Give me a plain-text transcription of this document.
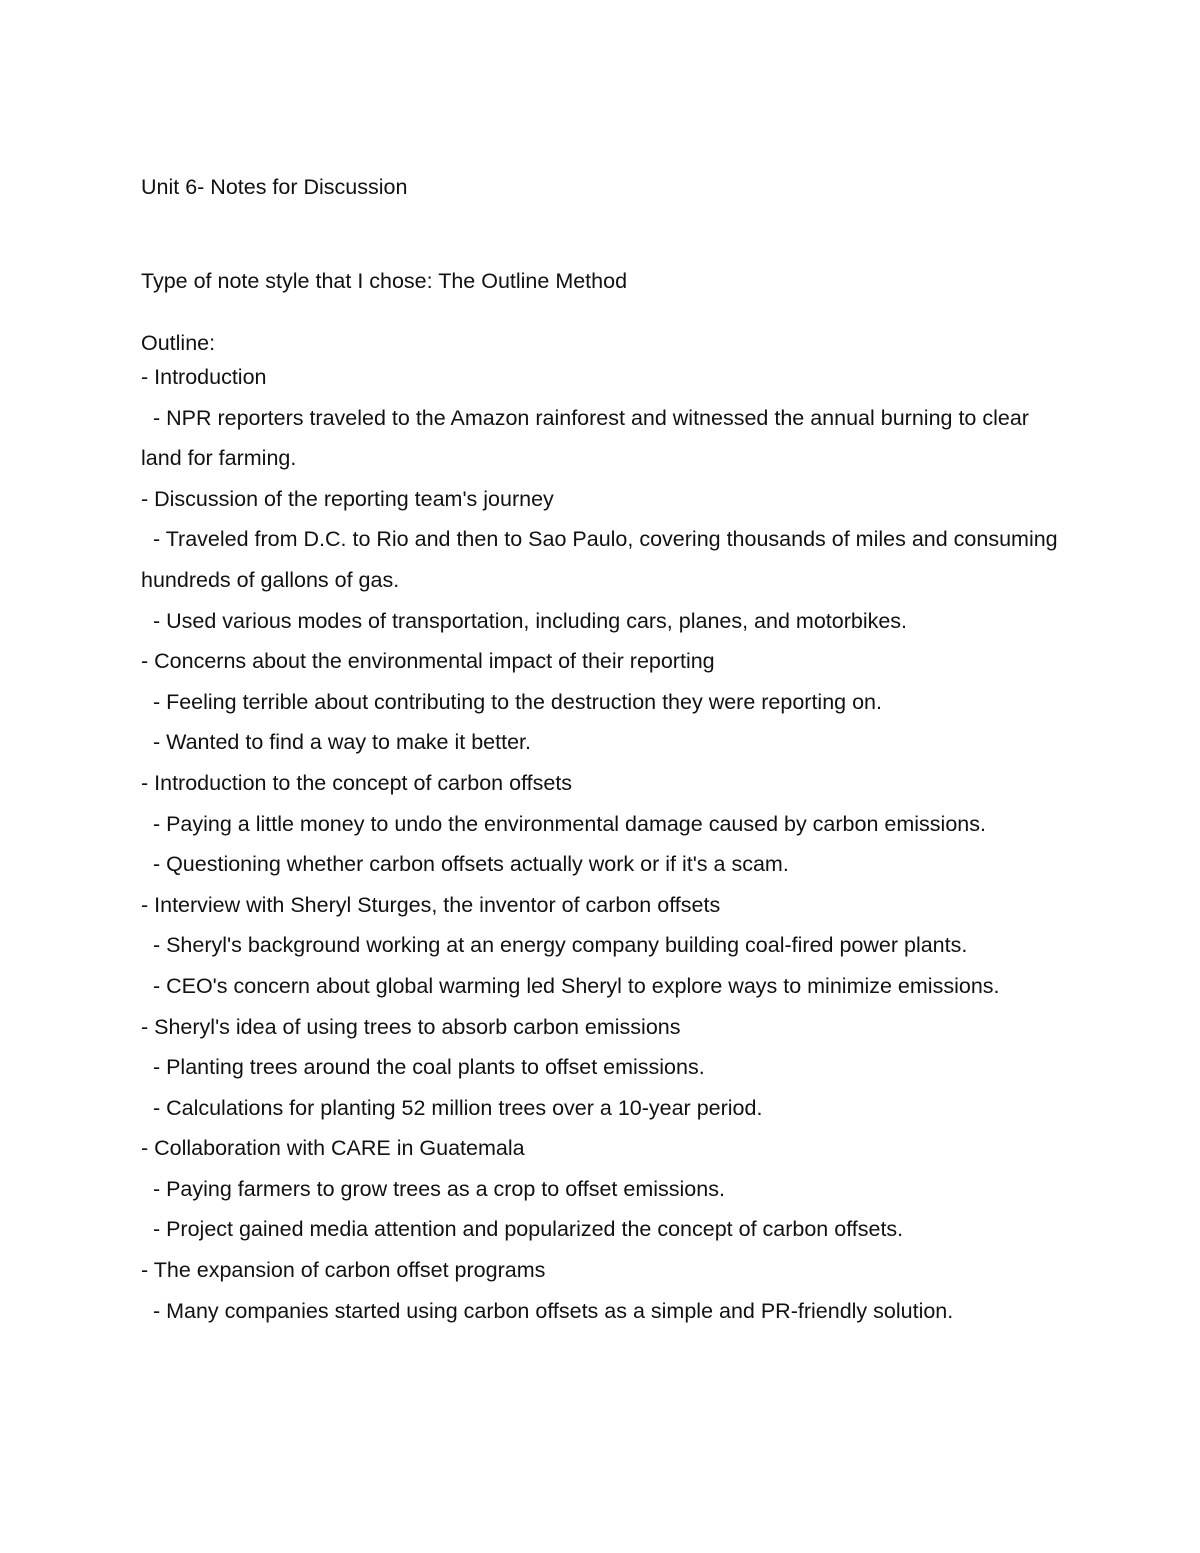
Unit 6- Notes for Discussion
Type of note style that I chose: The Outline Method
Outline:
- Introduction
- NPR reporters traveled to the Amazon rainforest and witnessed the annual burning to clear land for farming.
- Discussion of the reporting team's journey
- Traveled from D.C. to Rio and then to Sao Paulo, covering thousands of miles and consuming hundreds of gallons of gas.
- Used various modes of transportation, including cars, planes, and motorbikes.
- Concerns about the environmental impact of their reporting
- Feeling terrible about contributing to the destruction they were reporting on.
- Wanted to find a way to make it better.
- Introduction to the concept of carbon offsets
- Paying a little money to undo the environmental damage caused by carbon emissions.
- Questioning whether carbon offsets actually work or if it's a scam.
- Interview with Sheryl Sturges, the inventor of carbon offsets
- Sheryl's background working at an energy company building coal-fired power plants.
- CEO's concern about global warming led Sheryl to explore ways to minimize emissions.
- Sheryl's idea of using trees to absorb carbon emissions
- Planting trees around the coal plants to offset emissions.
- Calculations for planting 52 million trees over a 10-year period.
- Collaboration with CARE in Guatemala
- Paying farmers to grow trees as a crop to offset emissions.
- Project gained media attention and popularized the concept of carbon offsets.
- The expansion of carbon offset programs
- Many companies started using carbon offsets as a simple and PR-friendly solution.
